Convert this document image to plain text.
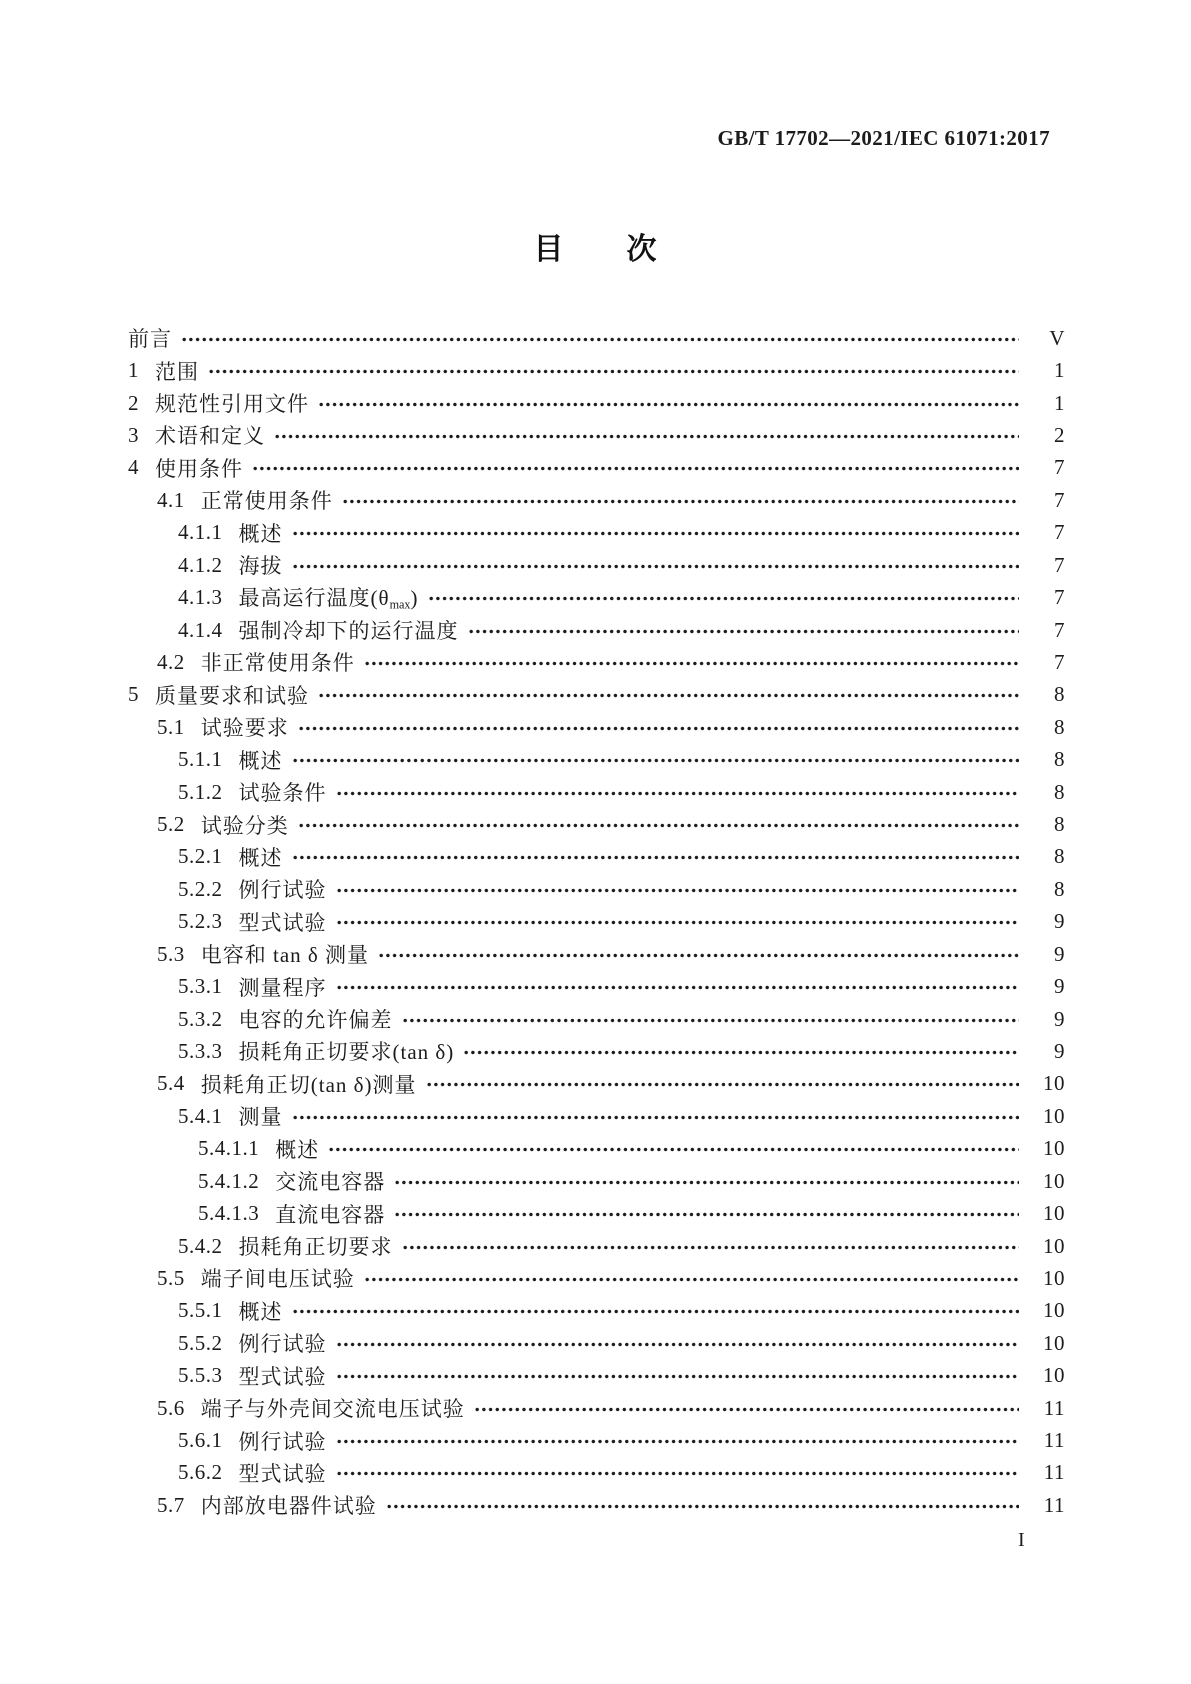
GB/T 17702—2021/IEC 61071:2017
目　　次
前言	V
1 范围	1
2 规范性引用文件	1
3 术语和定义	2
4 使用条件	7
4.1 正常使用条件	7
4.1.1 概述	7
4.1.2 海拔	7
4.1.3 最高运行温度$(\theta_{max})$	7
4.1.4 强制冷却下的运行温度	7
4.2 非正常使用条件	7
5 质量要求和试验	8
5.1 试验要求	8
5.1.1 概述	8
5.1.2 试验条件	8
5.2 试验分类	8
5.2.1 概述	8
5.2.2 例行试验	8
5.2.3 型式试验	9
5.3 电容和 tan δ 测量	9
5.3.1 测量程序	9
5.3.2 电容的允许偏差	9
5.3.3 损耗角正切要求(tan δ)	9
5.4 损耗角正切(tan δ)测量	10
5.4.1 测量	10
5.4.1.1 概述	10
5.4.1.2 交流电容器	10
5.4.1.3 直流电容器	10
5.4.2 损耗角正切要求	10
5.5 端子间电压试验	10
5.5.1 概述	10
5.5.2 例行试验	10
5.5.3 型式试验	10
5.6 端子与外壳间交流电压试验	11
5.6.1 例行试验	11
5.6.2 型式试验	11
5.7 内部放电器件试验	11
I
